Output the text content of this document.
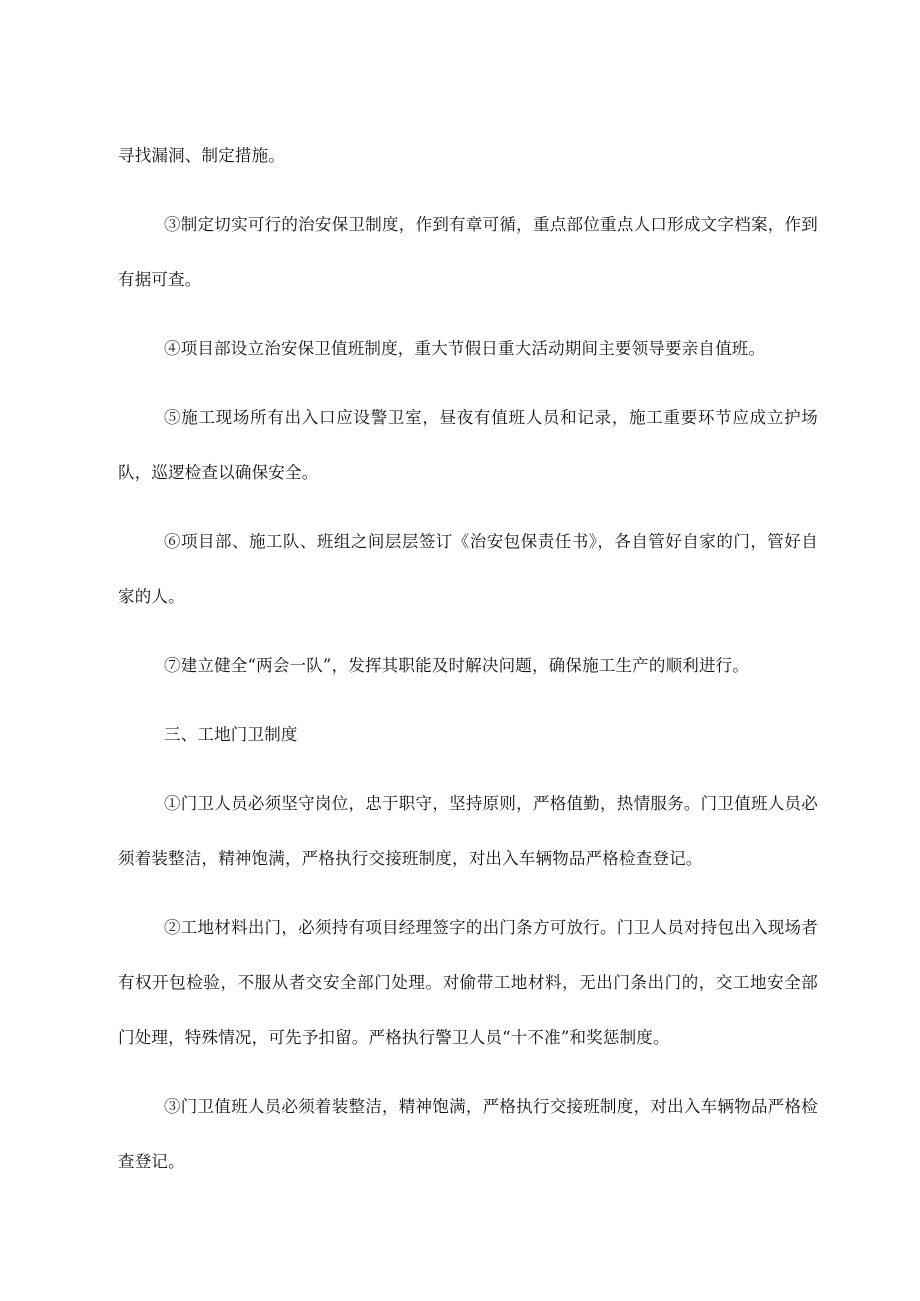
寻找漏洞、制定措施。

③制定切实可行的治安保卫制度，作到有章可循，重点部位重点人口形成文字档案，作到有据可查。

④项目部设立治安保卫值班制度，重大节假日重大活动期间主要领导要亲自值班。

⑤施工现场所有出入口应设警卫室，昼夜有值班人员和记录，施工重要环节应成立护场队，巡逻检查以确保安全。

⑥项目部、施工队、班组之间层层签订《治安包保责任书》，各自管好自家的门，管好自家的人。

⑦建立健全“两会一队”，发挥其职能及时解决问题，确保施工生产的顺利进行。

三、工地门卫制度

①门卫人员必须坚守岗位，忠于职守，坚持原则，严格值勤，热情服务。门卫值班人员必须着装整洁，精神饱满，严格执行交接班制度，对出入车辆物品严格检查登记。

②工地材料出门，必须持有项目经理签字的出门条方可放行。门卫人员对持包出入现场者有权开包检验，不服从者交安全部门处理。对偷带工地材料，无出门条出门的，交工地安全部门处理，特殊情况，可先予扣留。严格执行警卫人员“十不准”和奖惩制度。

③门卫值班人员必须着装整洁，精神饱满，严格执行交接班制度，对出入车辆物品严格检查登记。
